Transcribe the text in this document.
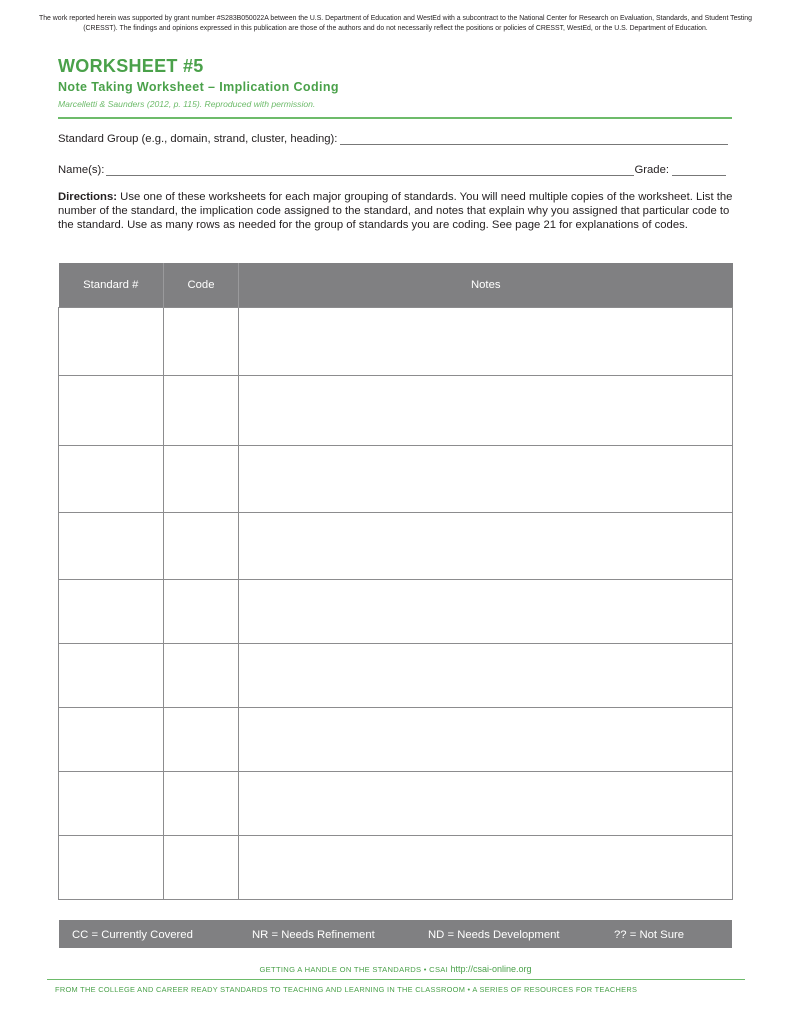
The work reported herein was supported by grant number #S283B050022A between the U.S. Department of Education and WestEd with a subcontract to the National Center for Research on Evaluation, Standards, and Student Testing (CRESST). The findings and opinions expressed in this publication are those of the authors and do not necessarily reflect the positions or policies of CRESST, WestEd, or the U.S. Department of Education.
WORKSHEET #5
Note Taking Worksheet – Implication Coding
Marcelletti & Saunders (2012, p. 115). Reproduced with permission.
Standard Group (e.g., domain, strand, cluster, heading):
Name(s):	Grade:
Directions: Use one of these worksheets for each major grouping of standards. You will need multiple copies of the worksheet. List the number of the standard, the implication code assigned to the standard, and notes that explain why you assigned that particular code to the standard. Use as many rows as needed for the group of standards you are coding. See page 21 for explanations of codes.
Standard #	Code	Notes

CC = Currently Covered	NR = Needs Refinement	ND = Needs Development	?? = Not Sure
GETTING A HANDLE ON THE STANDARDS • CSAI http://csai-online.org
FROM THE COLLEGE AND CAREER READY STANDARDS TO TEACHING AND LEARNING IN THE CLASSROOM • A SERIES OF RESOURCES FOR TEACHERS
